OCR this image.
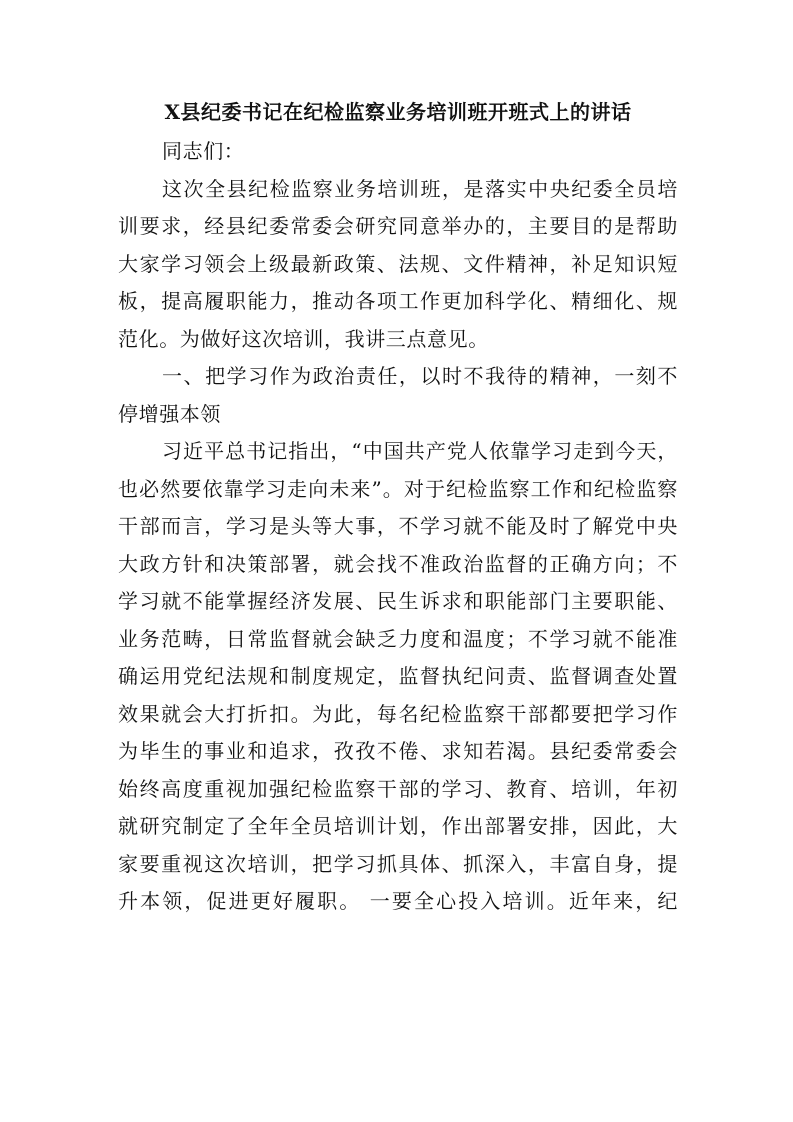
X县纪委书记在纪检监察业务培训班开班式上的讲话
同志们：
这次全县纪检监察业务培训班，是落实中央纪委全员培
训要求，经县纪委常委会研究同意举办的，主要目的是帮助
大家学习领会上级最新政策、法规、文件精神，补足知识短
板，提高履职能力，推动各项工作更加科学化、精细化、规
范化。为做好这次培训，我讲三点意见。
一、把学习作为政治责任，以时不我待的精神，一刻不
停增强本领
习近平总书记指出，“中国共产党人依靠学习走到今天，
也必然要依靠学习走向未来”。对于纪检监察工作和纪检监察
干部而言，学习是头等大事，不学习就不能及时了解党中央
大政方针和决策部署，就会找不准政治监督的正确方向；不
学习就不能掌握经济发展、民生诉求和职能部门主要职能、
业务范畴，日常监督就会缺乏力度和温度；不学习就不能准
确运用党纪法规和制度规定，监督执纪问责、监督调查处置
效果就会大打折扣。为此，每名纪检监察干部都要把学习作
为毕生的事业和追求，孜孜不倦、求知若渴。县纪委常委会
始终高度重视加强纪检监察干部的学习、教育、培训，年初
就研究制定了全年全员培训计划，作出部署安排，因此，大
家要重视这次培训，把学习抓具体、抓深入，丰富自身，提
升本领，促进更好履职。 一要全心投入培训。近年来，纪
